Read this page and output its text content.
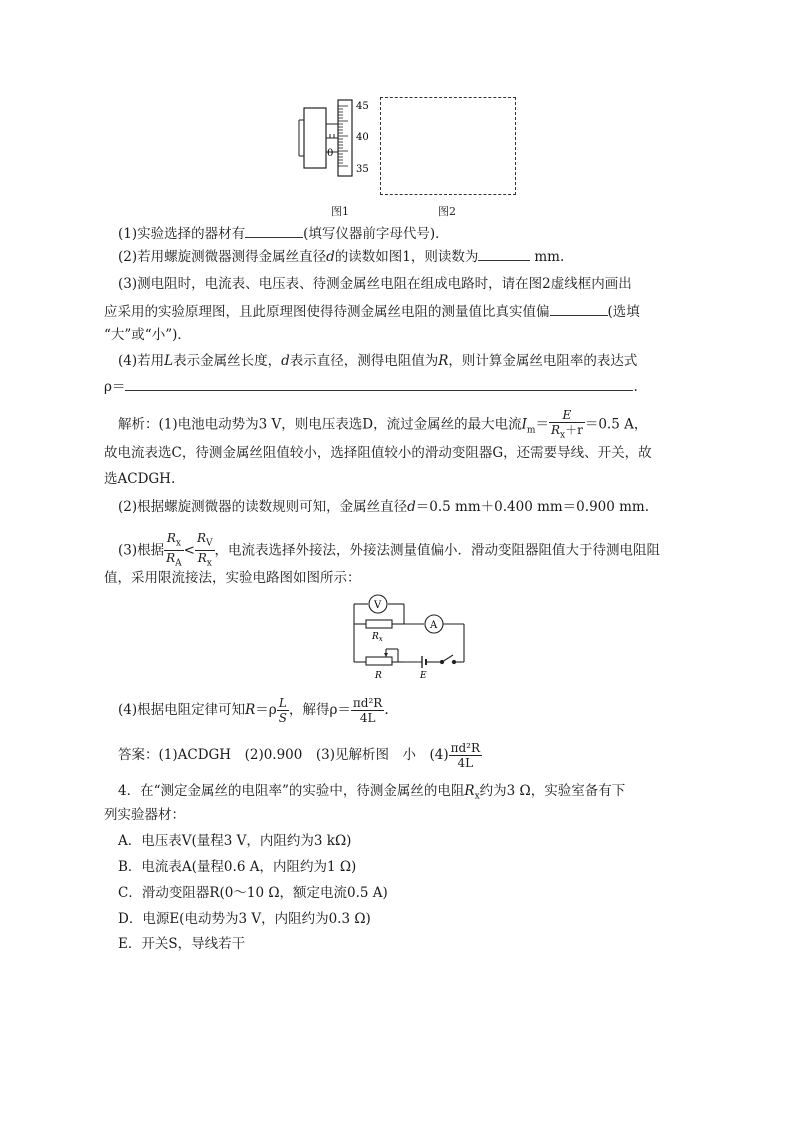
45
40
35
0
图1	图2
(1)实验选择的器材有	(填写仪器前字母代号)．
(2)若用螺旋测微器测得金属丝直径d的读数如图1，则读数为	mm.
(3)测电阻时，电流表、电压表、待测金属丝电阻在组成电路时，请在图2虚线框内画出
应采用的实验原理图，且此原理图使得待测金属丝电阻的测量值比真实值偏	(选填
“大”或“小”)．
(4)若用L表示金属丝长度，d表示直径，测得电阻值为R，则计算金属丝电阻率的表达式
ρ＝	.
解析：(1)电池电动势为3 V，则电压表选D，流过金属丝的最大电流$I_m= \frac{E}{R_x+r} =0.5$ A，
故电流表选C，待测金属丝阻值较小，选择阻值较小的滑动变阻器G，还需要导线、开关，故
选ACDGH.
(2)根据螺旋测微器的读数规则可知，金属丝直径d＝0.5 mm＋0.400 mm＝0.900 mm.
(3)根据 $\frac{R_x}{R_A} < \frac{R_V}{R_x}$ ，电流表选择外接法，外接法测量值偏小．滑动变阻器阻值大于待测电阻阻
值，采用限流接法，实验电路图如图所示：
V
A
$R_x$
R	E
(4)根据电阻定律可知$R=\rho \frac{L}{S}$ ，解得$\rho= \frac{\text{πd²R}}{4L}$ .
答案：(1)ACDGH　(2)0.900　(3)见解析图　小　$(4) \frac{\text{πd²R}}{4L}$
4．在“测定金属丝的电阻率”的实验中，待测金属丝的电阻$R_x$约为3 Ω，实验室备有下
列实验器材：
A．电压表V(量程3 V，内阻约为3 kΩ)
B．电流表A(量程0.6 A，内阻约为1 Ω)
C．滑动变阻器R(0～10 Ω，额定电流0.5 A)
D．电源E(电动势为3 V，内阻约为0.3 Ω)
E．开关S，导线若干
